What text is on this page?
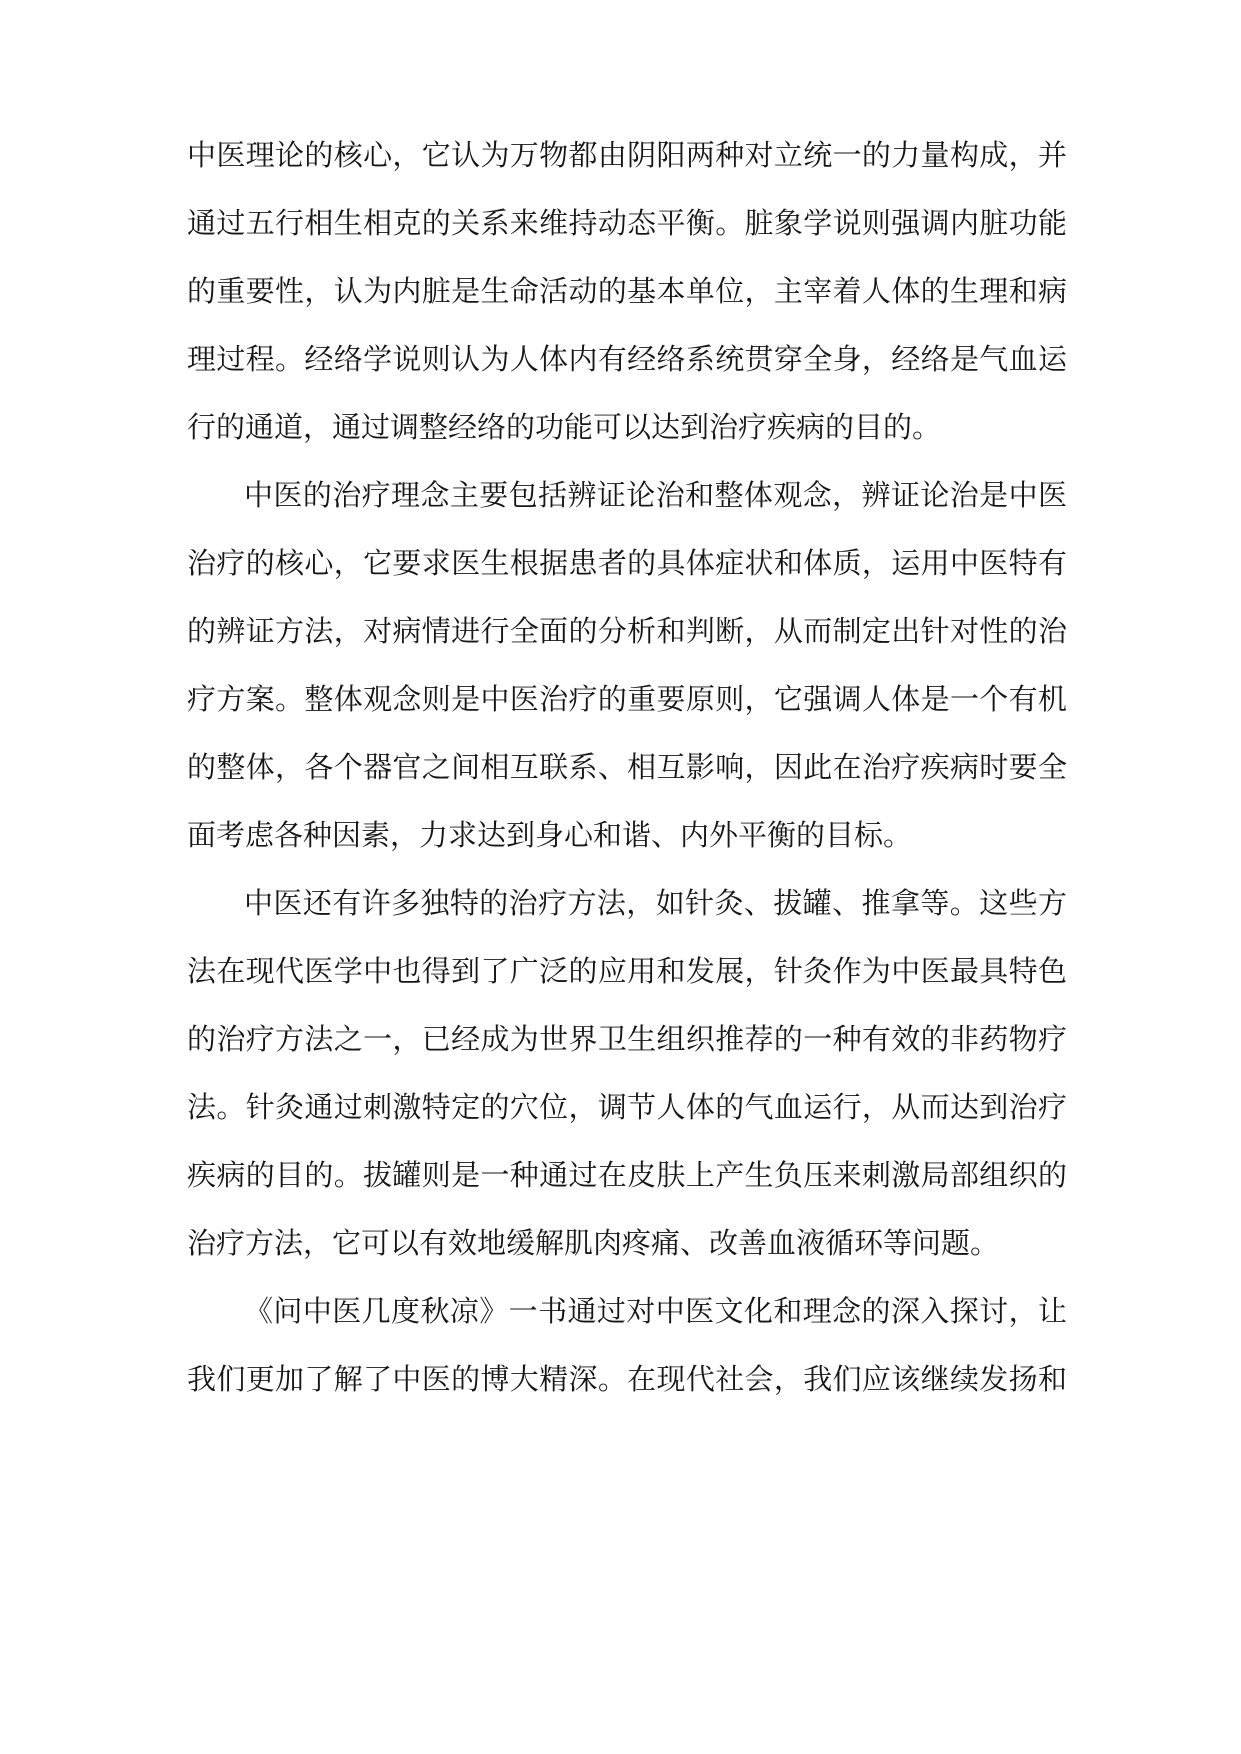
中医理论的核心，它认为万物都由阴阳两种对立统一的力量构成，并
通过五行相生相克的关系来维持动态平衡。脏象学说则强调内脏功能
的重要性，认为内脏是生命活动的基本单位，主宰着人体的生理和病
理过程。经络学说则认为人体内有经络系统贯穿全身，经络是气血运
行的通道，通过调整经络的功能可以达到治疗疾病的目的。
中医的治疗理念主要包括辨证论治和整体观念，辨证论治是中医
治疗的核心，它要求医生根据患者的具体症状和体质，运用中医特有
的辨证方法，对病情进行全面的分析和判断，从而制定出针对性的治
疗方案。整体观念则是中医治疗的重要原则，它强调人体是一个有机
的整体，各个器官之间相互联系、相互影响，因此在治疗疾病时要全
面考虑各种因素，力求达到身心和谐、内外平衡的目标。
中医还有许多独特的治疗方法，如针灸、拔罐、推拿等。这些方
法在现代医学中也得到了广泛的应用和发展，针灸作为中医最具特色
的治疗方法之一，已经成为世界卫生组织推荐的一种有效的非药物疗
法。针灸通过刺激特定的穴位，调节人体的气血运行，从而达到治疗
疾病的目的。拔罐则是一种通过在皮肤上产生负压来刺激局部组织的
治疗方法，它可以有效地缓解肌肉疼痛、改善血液循环等问题。
《问中医几度秋凉》一书通过对中医文化和理念的深入探讨，让
我们更加了解了中医的博大精深。在现代社会，我们应该继续发扬和
